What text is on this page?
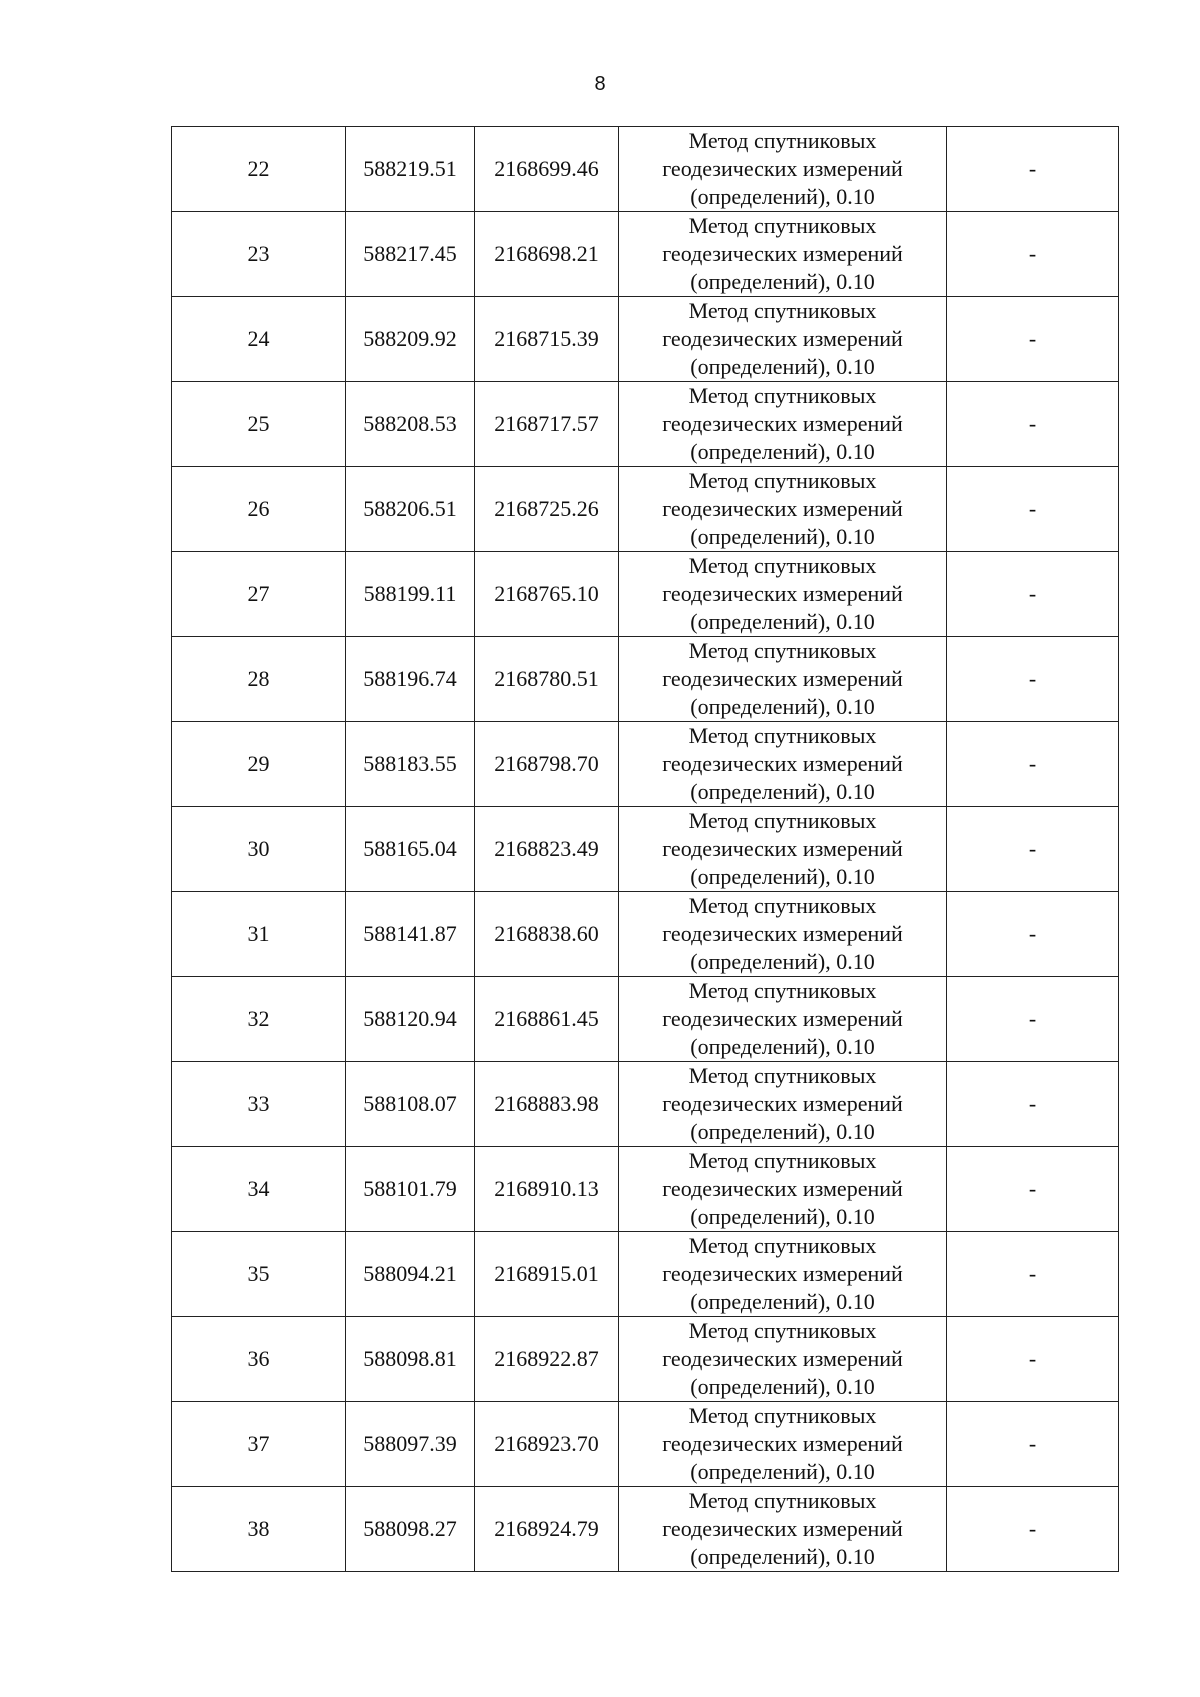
8
22	588219.51	2168699.46	Метод спутниковых
геодезических измерений
(определений), 0.10	-
23	588217.45	2168698.21	Метод спутниковых
геодезических измерений
(определений), 0.10	-
24	588209.92	2168715.39	Метод спутниковых
геодезических измерений
(определений), 0.10	-
25	588208.53	2168717.57	Метод спутниковых
геодезических измерений
(определений), 0.10	-
26	588206.51	2168725.26	Метод спутниковых
геодезических измерений
(определений), 0.10	-
27	588199.11	2168765.10	Метод спутниковых
геодезических измерений
(определений), 0.10	-
28	588196.74	2168780.51	Метод спутниковых
геодезических измерений
(определений), 0.10	-
29	588183.55	2168798.70	Метод спутниковых
геодезических измерений
(определений), 0.10	-
30	588165.04	2168823.49	Метод спутниковых
геодезических измерений
(определений), 0.10	-
31	588141.87	2168838.60	Метод спутниковых
геодезических измерений
(определений), 0.10	-
32	588120.94	2168861.45	Метод спутниковых
геодезических измерений
(определений), 0.10	-
33	588108.07	2168883.98	Метод спутниковых
геодезических измерений
(определений), 0.10	-
34	588101.79	2168910.13	Метод спутниковых
геодезических измерений
(определений), 0.10	-
35	588094.21	2168915.01	Метод спутниковых
геодезических измерений
(определений), 0.10	-
36	588098.81	2168922.87	Метод спутниковых
геодезических измерений
(определений), 0.10	-
37	588097.39	2168923.70	Метод спутниковых
геодезических измерений
(определений), 0.10	-
38	588098.27	2168924.79	Метод спутниковых
геодезических измерений
(определений), 0.10	-
